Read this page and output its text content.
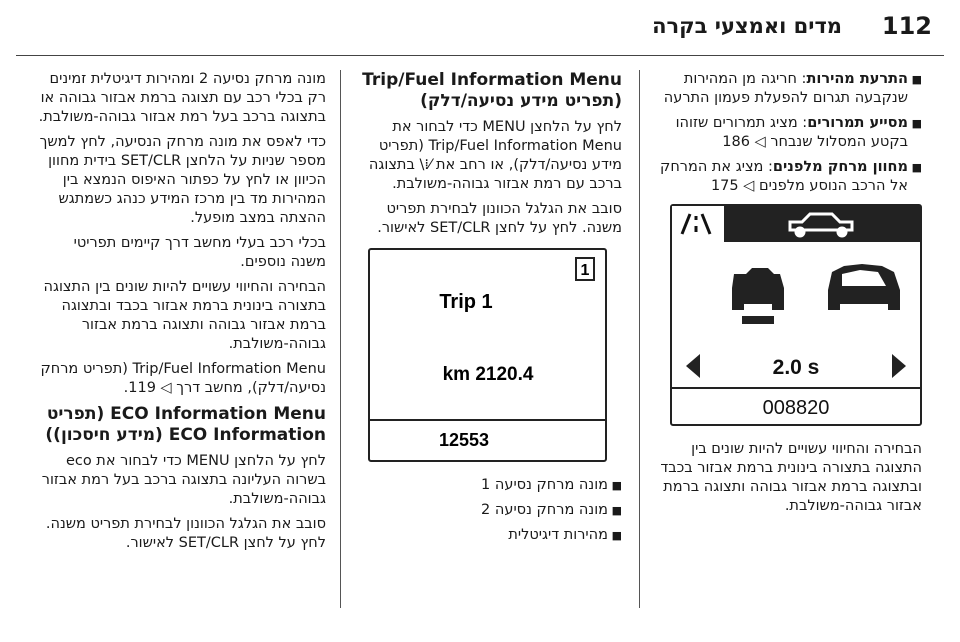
מדים ואמצעי בקרה 112
■ התרעת מהירות: חריגה מן המהירות שנקבעה תגרום להפעלת פעמון התרעה
■ מסייע תמרורים: מציג תמרורים שזוהו בקטע המסלול שנבחר ◁ 186
■ מחוון מרחק מלפנים: מציג את המרחק אל הרכב הנוסע מלפנים ◁ 175
2.0 s
008820

הבחירה והחיווי עשויים להיות שונים בין התצוגה בתצורה בינונית ברמת אבזור בכבד ובתצוגה ברמת אבזור גבוהה ותצוגה ברמת אבזור גבוהה-משולבת.

Trip/Fuel Information Menu
(תפריט מידע נסיעה/דלק)

לחץ על הלחצן MENU כדי לבחור את Trip/Fuel Information Menu (תפריט מידע נסיעה/דלק), או רחב את ⁄⁞\ בתצוגה ברכב עם רמת אבזור גבוהה-משולבת.

סובב את הגלגל הכוונון לבחירת תפריט משנה. לחץ על לחצן SET/CLR לאישור.

1
Trip 1
2120.4 km
12553
■ מונה מרחק נסיעה 1
■ מונה מרחק נסיעה 2
■ מהירות דיגיטלית

מונה מרחק נסיעה 2 ומהירות דיגיטלית זמינים רק בכלי רכב עם תצוגה ברמת אבזור גבוהה או בתצוגה ברכב בעל רמת אבזור גבוהה-משולבת.

כדי לאפס את מונה מרחק הנסיעה, לחץ למשך מספר שניות על הלחצן SET/CLR בידית מחוון הכיוון או לחץ על כפתור האיפוס הנמצא בין המהירות מד בין מרכז המידע כנהג כשמתגש ההצתה במצב מופעל.

בכלי רכב בעלי מחשב דרך קיימים תפריטי משנה נוספים.

הבחירה והחיווי עשויים להיות שונים בין התצוגה בתצורה בינונית ברמת אבזור בכבד ובתצוגה ברמת אבזור גבוהה ותצוגה ברמת אבזור גבוהה-משולבת.

Trip/Fuel Information Menu (תפריט מרחק נסיעה/דלק), מחשב דרך ◁ 119.

ECO Information Menu (תפריט
ECO Information (מידע חיסכון))

לחץ על הלחצן MENU כדי לבחור את eco בשרוה העליונה בתצוגה ברכב בעל רמת אבזור גבוהה-משולבת.

סובב את הגלגל הכוונון לבחירת תפריט משנה. לחץ על לחצן SET/CLR לאישור.
